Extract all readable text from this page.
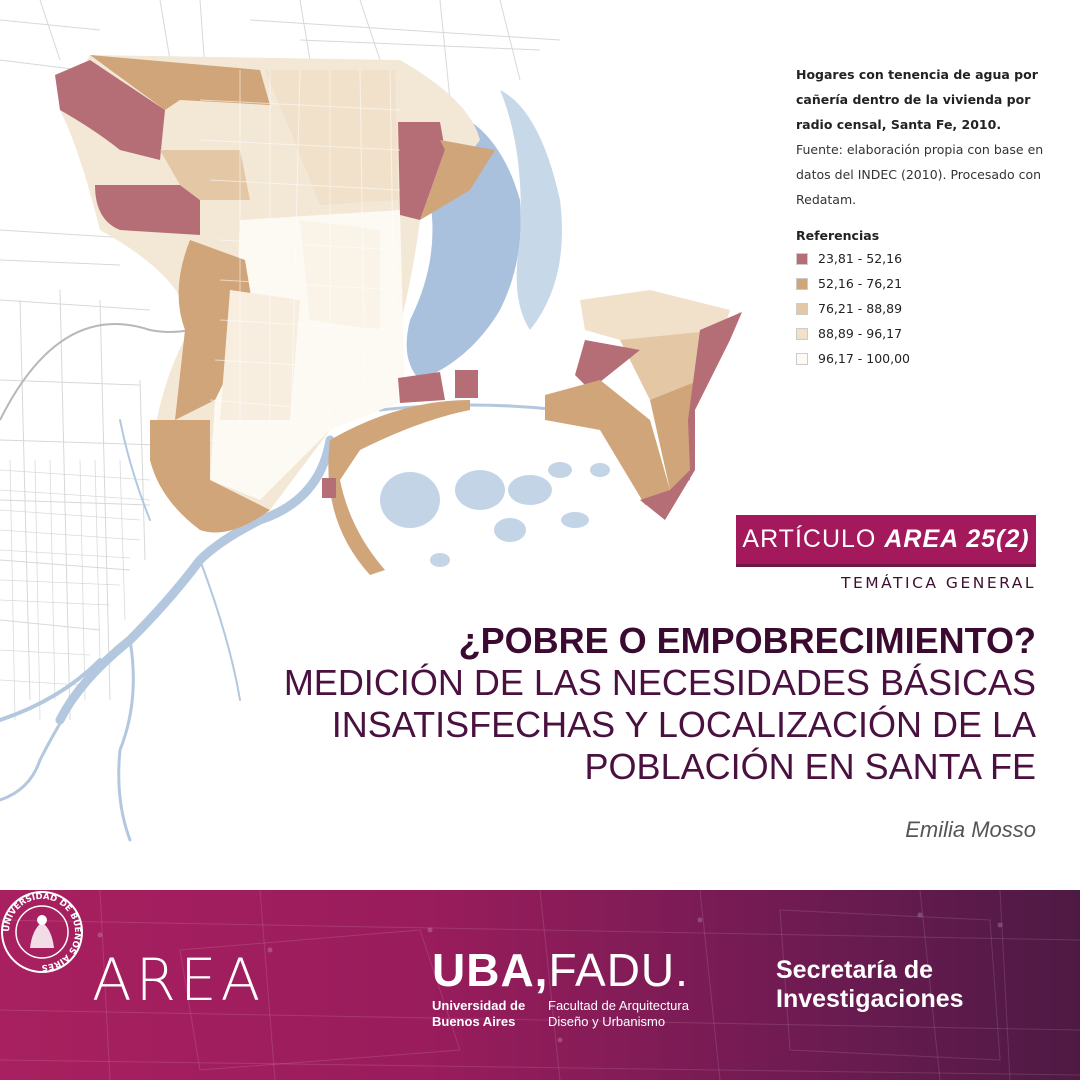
Hogares con tenencia de agua por cañería dentro de la vivienda por radio censal, Santa Fe, 2010.
Fuente: elaboración propia con base en datos del INDEC (2010). Procesado con Redatam.
Referencias
23,81 - 52,16
52,16 - 76,21
76,21 - 88,89
88,89 - 96,17
96,17 - 100,00
ARTÍCULO AREA 25(2)
TEMÁTICA GENERAL
¿POBRE O EMPOBRECIMIENTO?
MEDICIÓN DE LAS NECESIDADES BÁSICAS
INSATISFECHAS Y LOCALIZACIÓN DE LA
POBLACIÓN EN SANTA FE
Emilia Mosso
AREA
UNIVERSIDAD DE BUENOS AIRES	UBA,FADU.
Universidad de Buenos Aires
Facultad de Arquitectura Diseño y Urbanismo
Secretaría de Investigaciones
